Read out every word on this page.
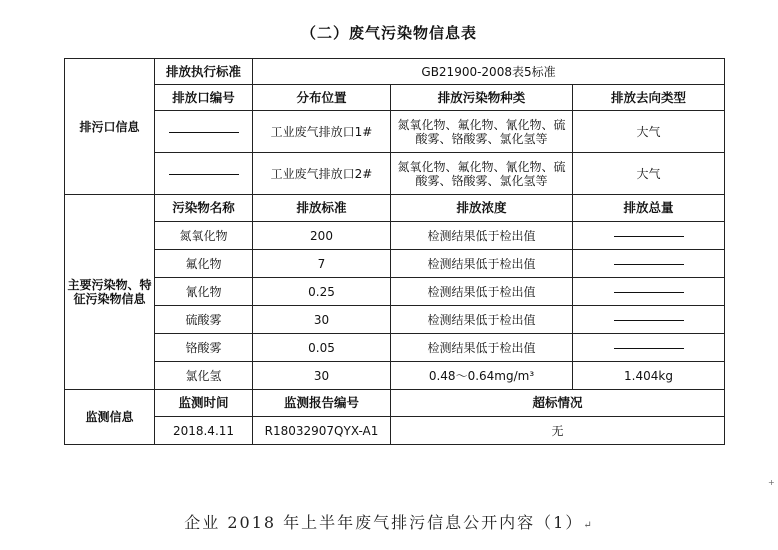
（二）废气污染物信息表
排污口信息	排放执行标准	GB21900-2008表5标准		
	排放口编号	分布位置	排放污染物种类	排放去向类型
		工业废气排放口1#	氮氧化物、氟化物、氰化物、硫酸雾、铬酸雾、氯化氢等	大气
		工业废气排放口2#	氮氧化物、氟化物、氰化物、硫酸雾、铬酸雾、氯化氢等	大气
主要污染物、特征污染物信息	污染物名称	排放标准	排放浓度	排放总量
	氮氧化物	200	检测结果低于检出值	
	氟化物	7	检测结果低于检出值	
	氰化物	0.25	检测结果低于检出值	
	硫酸雾	30	检测结果低于检出值	
	铬酸雾	0.05	检测结果低于检出值	
	氯化氢	30	0.48～0.64mg/m³	1.404kg
监测信息	监测时间	监测报告编号	超标情况	
	2018.4.11	R18032907QYX-A1	无	
+
企业 2018 年上半年废气排污信息公开内容（1）↵
